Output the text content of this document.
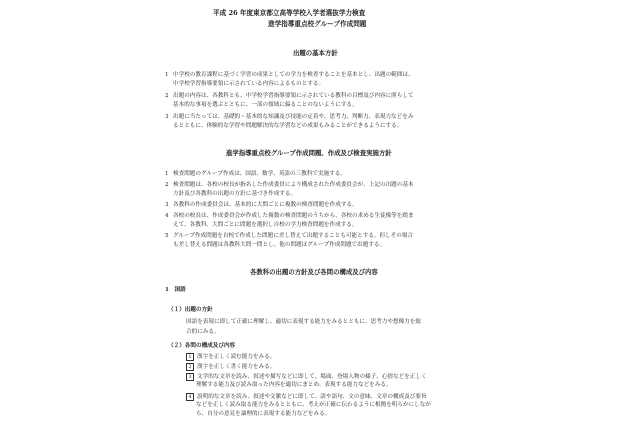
平成 26 年度東京都立高等学校入学者選抜学力検査
進学指導重点校グループ作成問題
出題の基本方針
1 中学校の教育課程に基づく学習の成果としての学力を検査することを基本とし、出題の範囲は、
中学校学習指導要領に示されている内容によるものとする。
2 出題の内容は、各教科とも、中学校学習指導要領に示されている教科の目標及び内容に照らして
基本的な事項を選ぶとともに、一部の領域に偏ることのないようにする。
3 出題に当たっては、基礎的・基本的な知識及び技能の定着や、思考力、判断力、表現力などをみ
るとともに、体験的な学習や問題解決的な学習などの成果もみることができるようにする。
進学指導重点校グループ作成問題、作成及び検査実施方針
1 検査問題のグループ作成は、国語、数学、英語の三教科で実施する。
2 検査問題は、各校の校長が指名した作成委員により構成された作成委員会が、上記の出題の基本
方針及び各教科の出題の方針に基づき作成する。
3 各教科の作成委員会は、基本的に大問ごとに複数の検査問題を作成する。
4 各校の校長は、作成委員会が作成した複数の検査問題のうちから、各校の求める生徒像等を踏ま
えて、各教科、大問ごとに問題を選択し自校の学力検査問題を作成する。
5 グループ作成問題を自校で作成した問題に差し替えて出題することも可能とする。但しその場合
も差し替える問題は各教科大問一問とし、他の問題はグループ作成問題で出題する。
各教科の出題の方針及び各問の構成及び内容
1　国語
（１）出題の方針
国語を表現に即して正確に理解し、適切に表現する能力をみるとともに、思考力や想像力を総
合的にみる。
（２）各問の構成及び内容
1 漢字を正しく読む能力をみる。
2 漢字を正しく書く能力をみる。
3 文学的な文章を読み、叙述や描写などに即して、場面、登場人物の様子、心情などを正しく
理解する能力及び読み取った内容を適切にまとめ、表現する能力などをみる。
4 説明的な文章を読み、叙述や文脈などに即して、語や語句、文の意味、文章の構成及び要旨
などを正しく読み取る能力をみるとともに、考えが正確に伝わるように根拠を明らかにしなが
ら、自分の意見を論理的に表現する能力などをみる。
